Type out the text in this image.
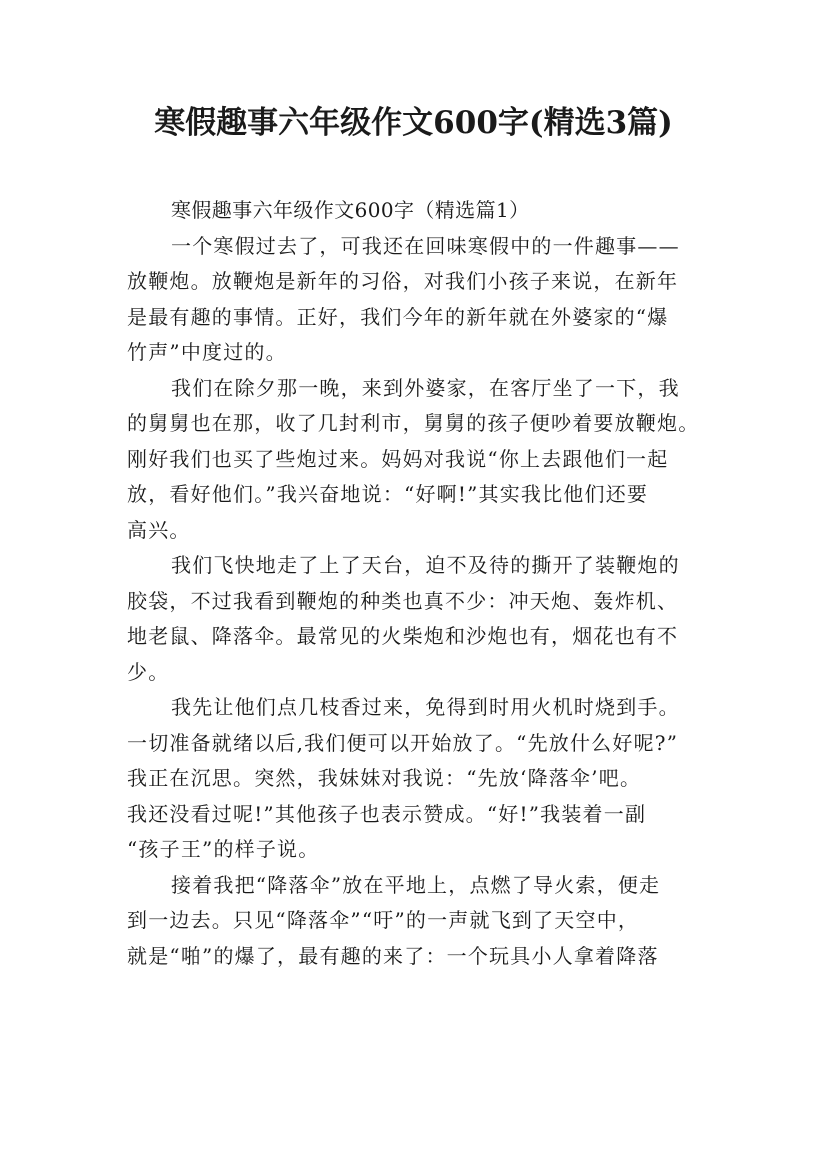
寒假趣事六年级作文600字(精选3篇)
寒假趣事六年级作文600字（精选篇1）
一个寒假过去了，可我还在回味寒假中的一件趣事——
放鞭炮。放鞭炮是新年的习俗，对我们小孩子来说，在新年
是最有趣的事情。正好，我们今年的新年就在外婆家的“爆
竹声”中度过的。
我们在除夕那一晚，来到外婆家，在客厅坐了一下，我
的舅舅也在那，收了几封利市，舅舅的孩子便吵着要放鞭炮。
刚好我们也买了些炮过来。妈妈对我说“你上去跟他们一起
放，看好他们。”我兴奋地说：“好啊!”其实我比他们还要
高兴。
我们飞快地走了上了天台，迫不及待的撕开了装鞭炮的
胶袋，不过我看到鞭炮的种类也真不少：冲天炮、轰炸机、
地老鼠、降落伞。最常见的火柴炮和沙炮也有，烟花也有不
少。
我先让他们点几枝香过来，免得到时用火机时烧到手。
一切准备就绪以后,我们便可以开始放了。“先放什么好呢?”
我正在沉思。突然，我妹妹对我说：“先放‘降落伞’吧。
我还没看过呢!”其他孩子也表示赞成。“好!”我装着一副
“孩子王”的样子说。
接着我把“降落伞”放在平地上，点燃了导火索，便走
到一边去。只见“降落伞”“吁”的一声就飞到了天空中，
就是“啪”的爆了，最有趣的来了：一个玩具小人拿着降落
